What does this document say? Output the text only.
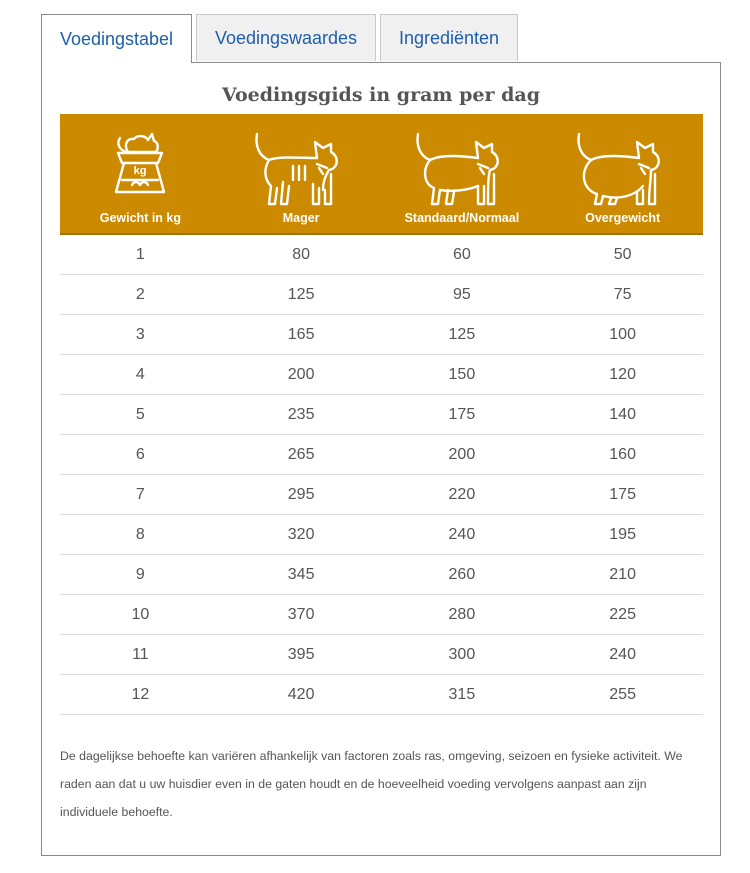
Voedingstabel	Voedingswaardes	Ingrediënten
Voedingsgids in gram per dag
kg
Gewicht in kg	Mager	Standaard/Normaal	Overgewicht
1	80	60	50
2	125	95	75
3	165	125	100
4	200	150	120
5	235	175	140
6	265	200	160
7	295	220	175
8	320	240	195
9	345	260	210
10	370	280	225
11	395	300	240
12	420	315	255
De dagelijkse behoefte kan variëren afhankelijk van factoren zoals ras, omgeving, seizoen en fysieke activiteit. We raden aan dat u uw huisdier even in de gaten houdt en de hoeveelheid voeding vervolgens aanpast aan zijn individuele behoefte.
